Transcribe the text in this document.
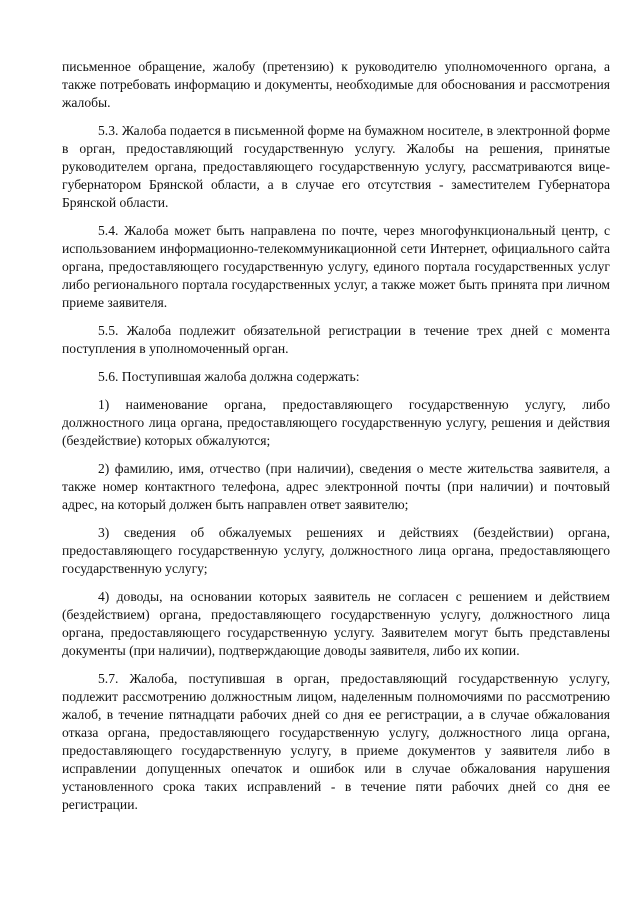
письменное обращение, жалобу (претензию) к руководителю уполномоченного органа, а также потребовать информацию и документы, необходимые для обоснования и рассмотрения жалобы.

5.3. Жалоба подается в письменной форме на бумажном носителе, в электронной форме в орган, предоставляющий государственную услугу. Жалобы на решения, принятые руководителем органа, предоставляющего государственную услугу, рассматриваются вице-губернатором Брянской области, а в случае его отсутствия - заместителем Губернатора Брянской области.

5.4. Жалоба может быть направлена по почте, через многофункциональный центр, с использованием информационно-телекоммуникационной сети Интернет, официального сайта органа, предоставляющего государственную услугу, единого портала государственных услуг либо регионального портала государственных услуг, а также может быть принята при личном приеме заявителя.

5.5. Жалоба подлежит обязательной регистрации в течение трех дней с момента поступления в уполномоченный орган.

5.6. Поступившая жалоба должна содержать:

1) наименование органа, предоставляющего государственную услугу, либо должностного лица органа, предоставляющего государственную услугу, решения и действия (бездействие) которых обжалуются;

2) фамилию, имя, отчество (при наличии), сведения о месте жительства заявителя, а также номер контактного телефона, адрес электронной почты (при наличии) и почтовый адрес, на который должен быть направлен ответ заявителю;

3) сведения об обжалуемых решениях и действиях (бездействии) органа, предоставляющего государственную услугу, должностного лица органа, предоставляющего государственную услугу;

4) доводы, на основании которых заявитель не согласен с решением и действием (бездействием) органа, предоставляющего государственную услугу, должностного лица органа, предоставляющего государственную услугу. Заявителем могут быть представлены документы (при наличии), подтверждающие доводы заявителя, либо их копии.

5.7. Жалоба, поступившая в орган, предоставляющий государственную услугу, подлежит рассмотрению должностным лицом, наделенным полномочиями по рассмотрению жалоб, в течение пятнадцати рабочих дней со дня ее регистрации, а в случае обжалования отказа органа, предоставляющего государственную услугу, должностного лица органа, предоставляющего государственную услугу, в приеме документов у заявителя либо в исправлении допущенных опечаток и ошибок или в случае обжалования нарушения установленного срока таких исправлений - в течение пяти рабочих дней со дня ее регистрации.
